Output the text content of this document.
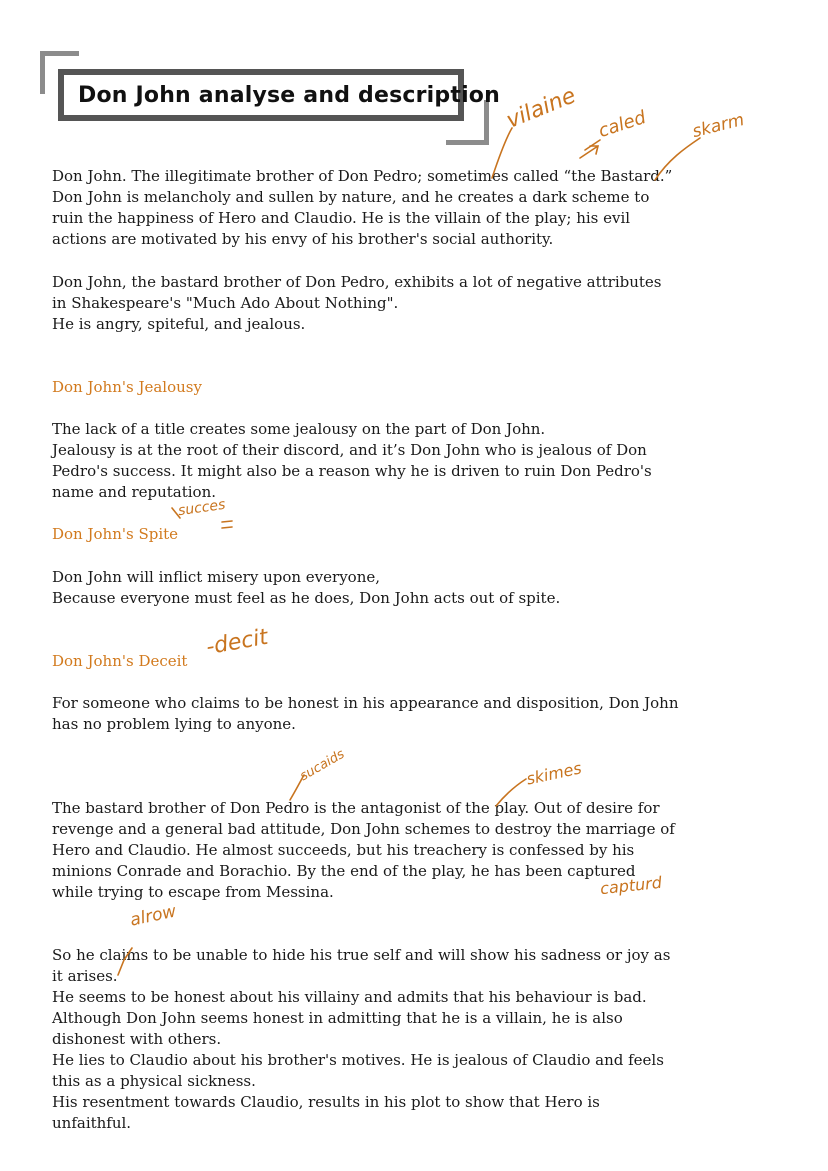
Don John analyse and description

Don John. The illegitimate brother of Don Pedro; sometimes called “the Bastard.”

Don John is melancholy and sullen by nature, and he creates a dark scheme to

ruin the happiness of Hero and Claudio. He is the villain of the play; his evil

actions are motivated by his envy of his brother's social authority.

Don John, the bastard brother of Don Pedro, exhibits a lot of negative attributes

in Shakespeare's "Much Ado About Nothing".

He is angry, spiteful, and jealous.

Don John's Jealousy

The lack of a title creates some jealousy on the part of Don John.

Jealousy is at the root of their discord, and it’s Don John who is jealous of Don

Pedro's success. It might also be a reason why he is driven to ruin Don Pedro's

name and reputation.

Don John's Spite

Don John will inflict misery upon everyone,

Because everyone must feel as he does, Don John acts out of spite.

Don John's Deceit

For someone who claims to be honest in his appearance and disposition, Don John

has no problem lying to anyone.

The bastard brother of Don Pedro is the antagonist of the play. Out of desire for

revenge and a general bad attitude, Don John schemes to destroy the marriage of

Hero and Claudio. He almost succeeds, but his treachery is confessed by his

minions Conrade and Borachio. By the end of the play, he has been captured

while trying to escape from Messina.

So he claims to be unable to hide his true self and will show his sadness or joy as

it arises.

He seems to be honest about his villainy and admits that his behaviour is bad.

Although Don John seems honest in admitting that he is a villain, he is also

dishonest with others.

He lies to Claudio about his brother's motives. He is jealous of Claudio and feels

this as a physical sickness.

His resentment towards Claudio, results in his plot to show that Hero is

unfaithful.

vilaine caled skarm
succes
-decit
sucaids	skimes
capturd
alrow
